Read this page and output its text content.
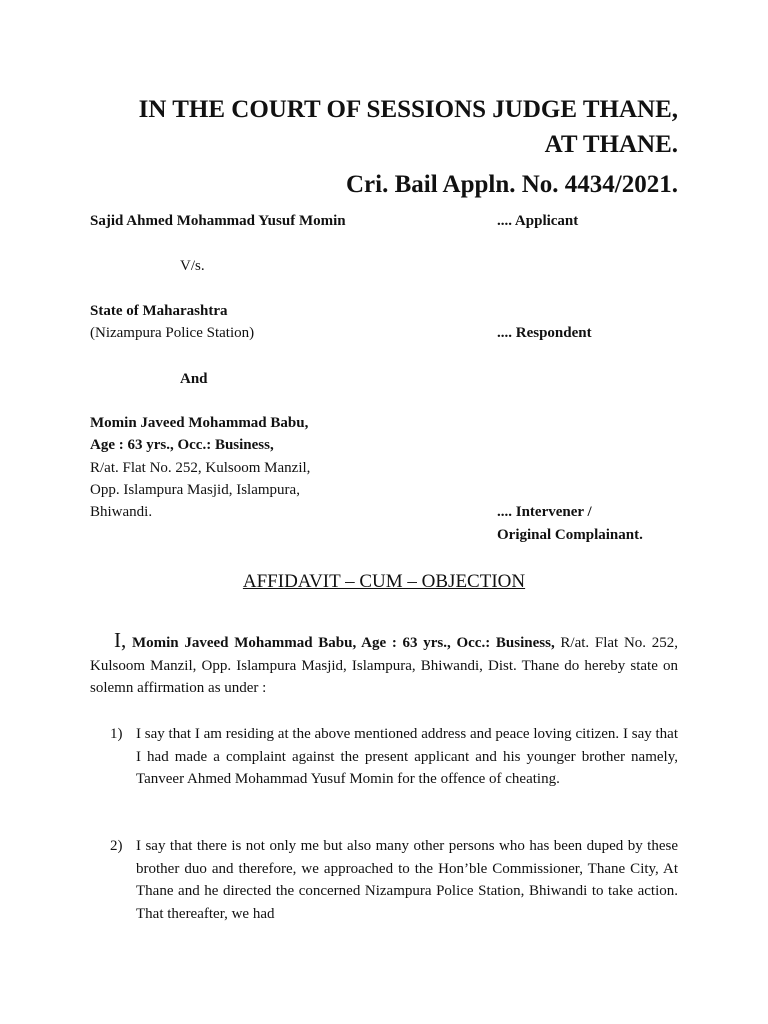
IN THE COURT OF SESSIONS JUDGE THANE,
AT THANE.
Cri. Bail Appln. No. 4434/2021.
Sajid Ahmed Mohammad Yusuf Momin	.... Applicant
V/s.
State of Maharashtra
(Nizampura Police Station)	.... Respondent
And
Momin Javeed Mohammad Babu,
Age : 63 yrs., Occ.: Business,
R/at. Flat No. 252, Kulsoom Manzil,
Opp. Islampura Masjid, Islampura,
Bhiwandi.	.... Intervener /
Original Complainant.
AFFIDAVIT – CUM – OBJECTION
I, Momin Javeed Mohammad Babu, Age : 63 yrs., Occ.: Business, R/at. Flat No. 252, Kulsoom Manzil, Opp. Islampura Masjid, Islampura, Bhiwandi, Dist. Thane do hereby state on solemn affirmation as under :
1) I say that I am residing at the above mentioned address and peace loving citizen. I say that I had made a complaint against the present applicant and his younger brother namely, Tanveer Ahmed Mohammad Yusuf Momin for the offence of cheating.
2) I say that there is not only me but also many other persons who has been duped by these brother duo and therefore, we approached to the Hon’ble Commissioner, Thane City, At Thane and he directed the concerned Nizampura Police Station, Bhiwandi to take action. That thereafter, we had
